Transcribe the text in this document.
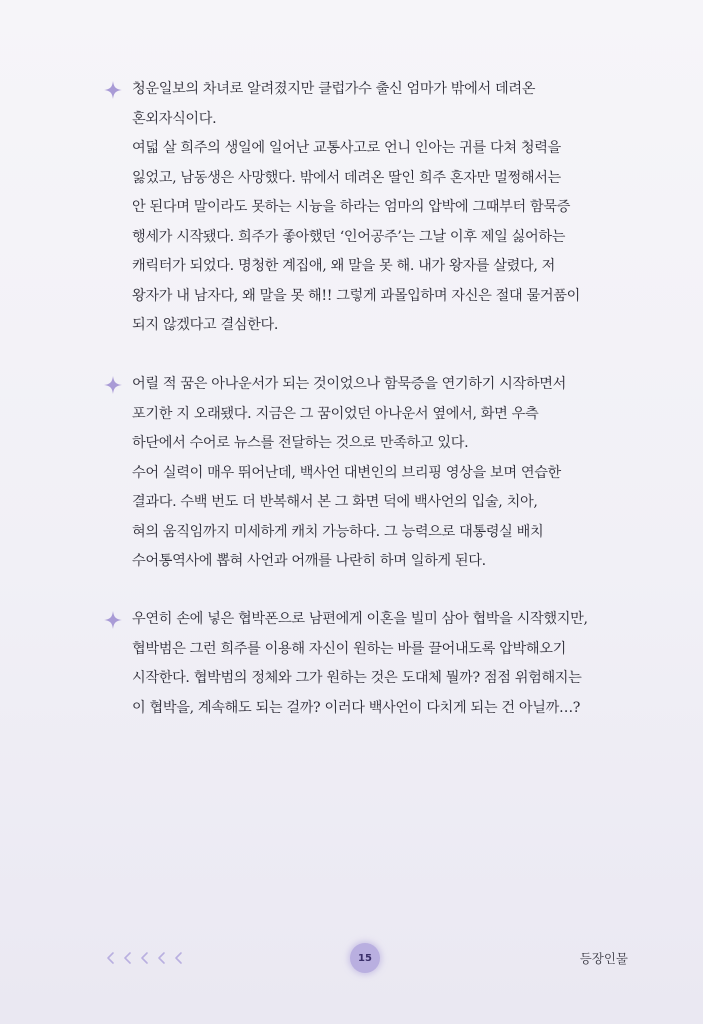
청운일보의 차녀로 알려졌지만 클럽가수 출신 엄마가 밖에서 데려온
혼외자식이다.
여덟 살 희주의 생일에 일어난 교통사고로 언니 인아는 귀를 다쳐 청력을
잃었고, 남동생은 사망했다. 밖에서 데려온 딸인 희주 혼자만 멀쩡해서는
안 된다며 말이라도 못하는 시늉을 하라는 엄마의 압박에 그때부터 함묵증
행세가 시작됐다. 희주가 좋아했던 ‘인어공주’는 그날 이후 제일 싫어하는
캐릭터가 되었다. 명청한 계집애, 왜 말을 못 해. 내가 왕자를 살렸다, 저
왕자가 내 남자다, 왜 말을 못 해!! 그렇게 과몰입하며 자신은 절대 물거품이
되지 않겠다고 결심한다.
어릴 적 꿈은 아나운서가 되는 것이었으나 함묵증을 연기하기 시작하면서
포기한 지 오래됐다. 지금은 그 꿈이었던 아나운서 옆에서, 화면 우측
하단에서 수어로 뉴스를 전달하는 것으로 만족하고 있다.
수어 실력이 매우 뛰어난데, 백사언 대변인의 브리핑 영상을 보며 연습한
결과다. 수백 번도 더 반복해서 본 그 화면 덕에 백사언의 입술, 치아,
혀의 움직임까지 미세하게 캐치 가능하다. 그 능력으로 대통령실 배치
수어통역사에 뽑혀 사언과 어깨를 나란히 하며 일하게 된다.
우연히 손에 넣은 협박폰으로 남편에게 이혼을 빌미 삼아 협박을 시작했지만,
협박범은 그런 희주를 이용해 자신이 원하는 바를 끌어내도록 압박해오기
시작한다. 협박범의 정체와 그가 원하는 것은 도대체 뭘까? 점점 위험해지는
이 협박을, 계속해도 되는 걸까? 이러다 백사언이 다치게 되는 건 아닐까…?
15	등장인물
